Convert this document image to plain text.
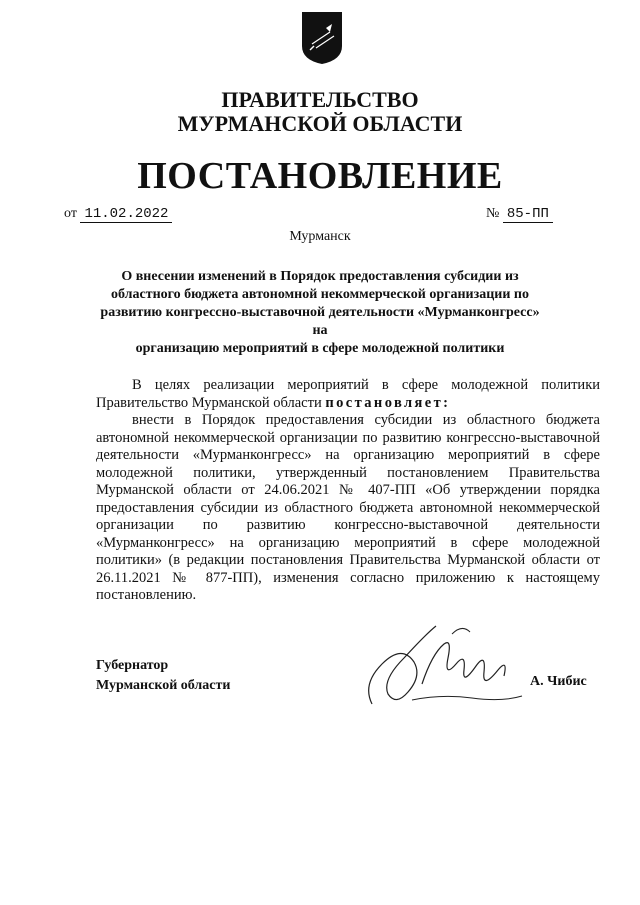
ПРАВИТЕЛЬСТВО
МУРМАНСКОЙ ОБЛАСТИ
ПОСТАНОВЛЕНИЕ
от 11.02.2022	№ 85-ПП
Мурманск
О внесении изменений в Порядок предоставления субсидии из
областного бюджета автономной некоммерческой организации по
развитию конгрессно-выставочной деятельности «Мурманконгресс» на
организацию мероприятий в сфере молодежной политики
В целях реализации мероприятий в сфере молодежной политики Правительство Мурманской области постановляет:
внести в Порядок предоставления субсидии из областного бюджета автономной некоммерческой организации по развитию конгрессно-выставочной деятельности «Мурманконгресс» на организацию мероприятий в сфере молодежной политики, утвержденный постановлением Правительства Мурманской области от 24.06.2021 № 407-ПП «Об утверждении порядка предоставления субсидии из областного бюджета автономной некоммерческой организации по развитию конгрессно-выставочной деятельности «Мурманконгресс» на организацию мероприятий в сфере молодежной политики» (в редакции постановления Правительства Мурманской области от 26.11.2021 № 877-ПП), изменения согласно приложению к настоящему постановлению.
Губернатор
Мурманской области	А. Чибис
